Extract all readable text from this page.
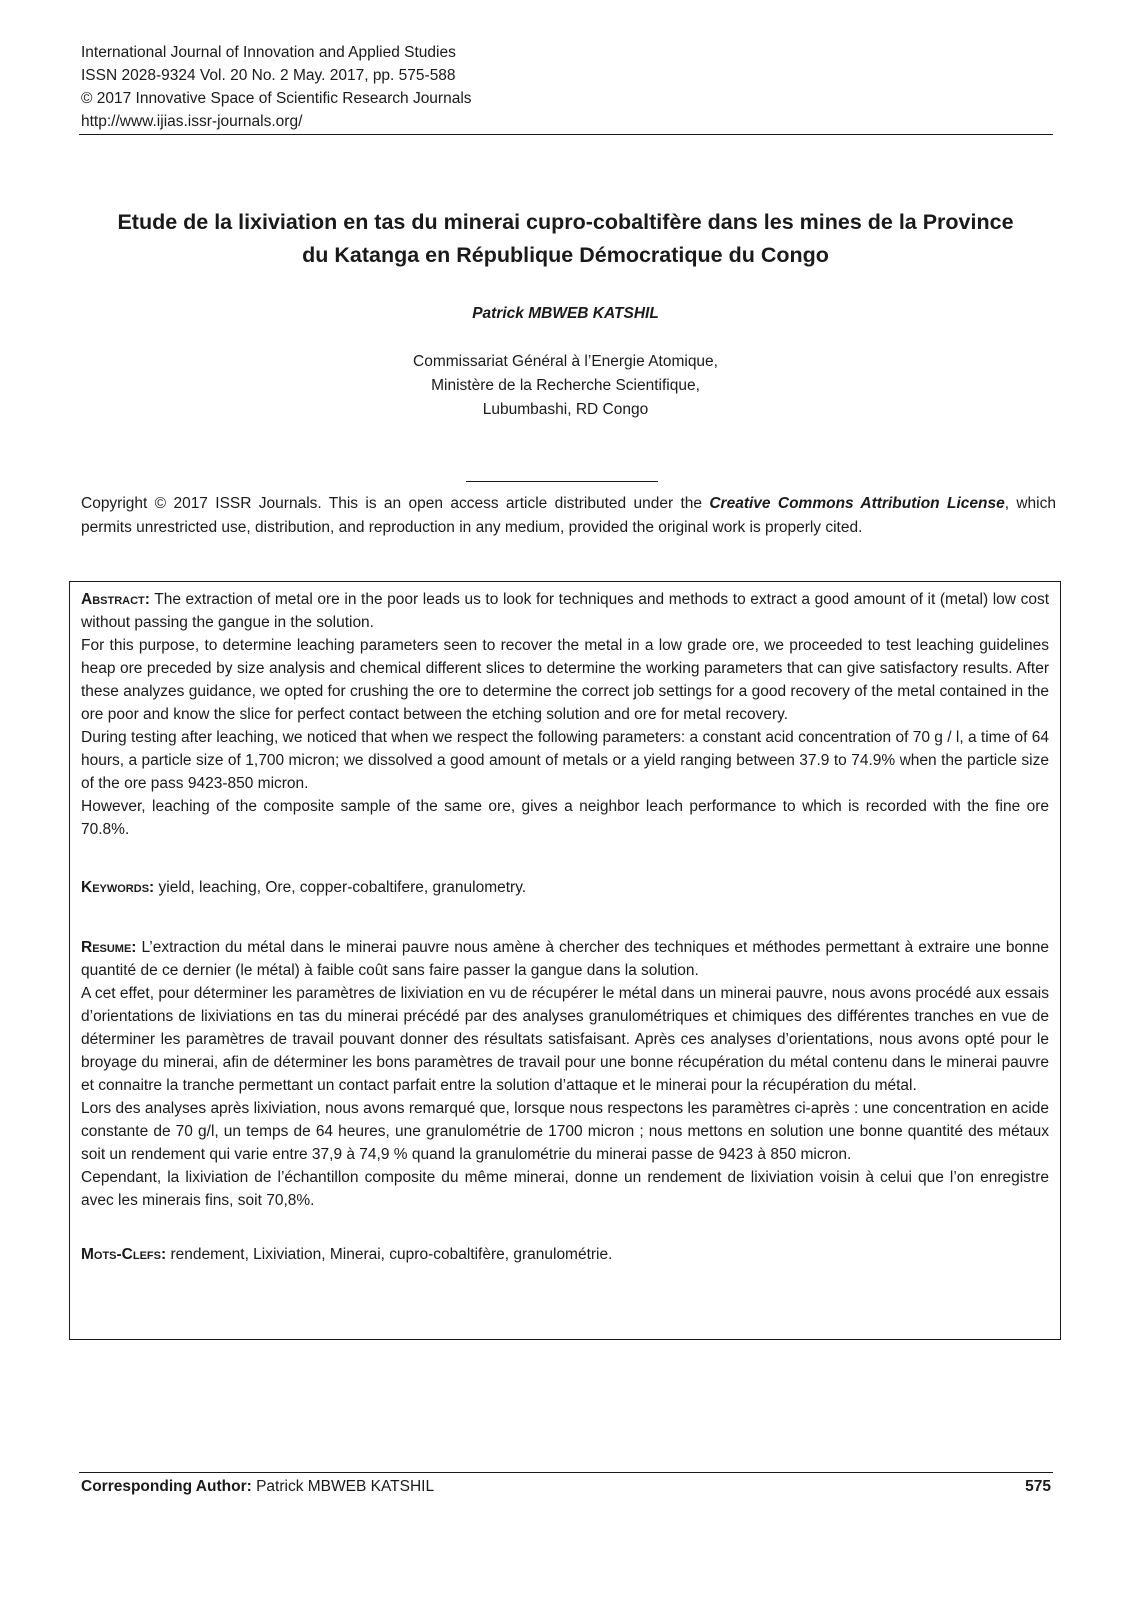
International Journal of Innovation and Applied Studies
ISSN 2028-9324 Vol. 20 No. 2 May. 2017, pp. 575-588
© 2017 Innovative Space of Scientific Research Journals
http://www.ijias.issr-journals.org/
Etude de la lixiviation en tas du minerai cupro-cobaltifère dans les mines de la Province
du Katanga en République Démocratique du Congo
Patrick MBWEB KATSHIL
Commissariat Général à l’Energie Atomique,
Ministère de la Recherche Scientifique,
Lubumbashi, RD Congo
Copyright © 2017 ISSR Journals. This is an open access article distributed under the Creative Commons Attribution License, which permits unrestricted use, distribution, and reproduction in any medium, provided the original work is properly cited.

Abstract: The extraction of metal ore in the poor leads us to look for techniques and methods to extract a good amount of it (metal) low cost without passing the gangue in the solution.

For this purpose, to determine leaching parameters seen to recover the metal in a low grade ore, we proceeded to test leaching guidelines heap ore preceded by size analysis and chemical different slices to determine the working parameters that can give satisfactory results. After these analyzes guidance, we opted for crushing the ore to determine the correct job settings for a good recovery of the metal contained in the ore poor and know the slice for perfect contact between the etching solution and ore for metal recovery.

During testing after leaching, we noticed that when we respect the following parameters: a constant acid concentration of 70 g / l, a time of 64 hours, a particle size of 1,700 micron; we dissolved a good amount of metals or a yield ranging between 37.9 to 74.9% when the particle size of the ore pass 9423-850 micron.

However, leaching of the composite sample of the same ore, gives a neighbor leach performance to which is recorded with the fine ore 70.8%.

Keywords: yield, leaching, Ore, copper-cobaltifere, granulometry.

Resume: L’extraction du métal dans le minerai pauvre nous amène à chercher des techniques et méthodes permettant à extraire une bonne quantité de ce dernier (le métal) à faible coût sans faire passer la gangue dans la solution.

A cet effet, pour déterminer les paramètres de lixiviation en vu de récupérer le métal dans un minerai pauvre, nous avons procédé aux essais d’orientations de lixiviations en tas du minerai précédé par des analyses granulométriques et chimiques des différentes tranches en vue de déterminer les paramètres de travail pouvant donner des résultats satisfaisant. Après ces analyses d’orientations, nous avons opté pour le broyage du minerai, afin de déterminer les bons paramètres de travail pour une bonne récupération du métal contenu dans le minerai pauvre et connaitre la tranche permettant un contact parfait entre la solution d’attaque et le minerai pour la récupération du métal.

Lors des analyses après lixiviation, nous avons remarqué que, lorsque nous respectons les paramètres ci-après : une concentration en acide constante de 70 g/l, un temps de 64 heures, une granulométrie de 1700 micron ; nous mettons en solution une bonne quantité des métaux soit un rendement qui varie entre 37,9 à 74,9 % quand la granulométrie du minerai passe de 9423 à 850 micron.

Cependant, la lixiviation de l’échantillon composite du même minerai, donne un rendement de lixiviation voisin à celui que l’on enregistre avec les minerais fins, soit 70,8%.

Mots-Clefs: rendement, Lixiviation, Minerai, cupro-cobaltifère, granulométrie.

Corresponding Author: Patrick MBWEB KATSHIL	575
